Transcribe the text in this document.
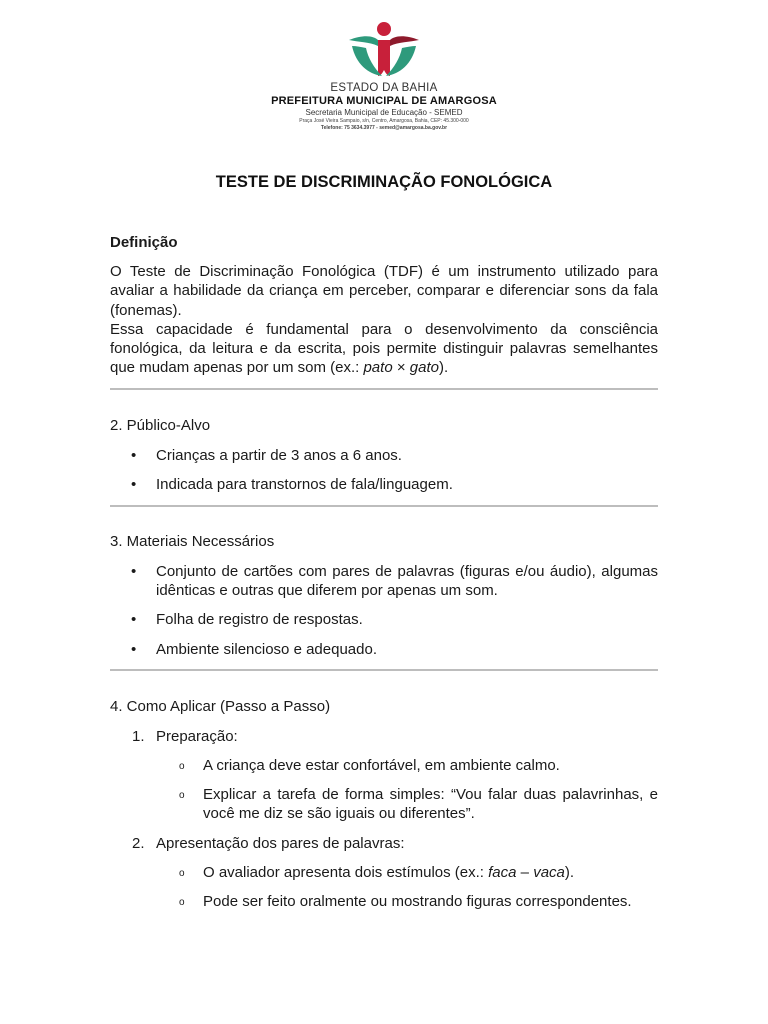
ESTADO DA BAHIA
PREFEITURA MUNICIPAL DE AMARGOSA
Secretaria Municipal de Educação - SEMED
Praça José Vieira Sampaio, s/n, Centro, Amargosa, Bahia, CEP: 45.300-000
Telefone: 75 3634.3977 - semed@amargosa.ba.gov.br
TESTE DE DISCRIMINAÇÃO FONOLÓGICA
Definição
O Teste de Discriminação Fonológica (TDF) é um instrumento utilizado para avaliar a habilidade da criança em perceber, comparar e diferenciar sons da fala (fonemas).
Essa capacidade é fundamental para o desenvolvimento da consciência fonológica, da leitura e da escrita, pois permite distinguir palavras semelhantes que mudam apenas por um som (ex.: pato × gato).
2. Público-Alvo
• Crianças a partir de 3 anos a 6 anos.
• Indicada para transtornos de fala/linguagem.
3. Materiais Necessários
• Conjunto de cartões com pares de palavras (figuras e/ou áudio), algumas idênticas e outras que diferem por apenas um som.
• Folha de registro de respostas.
• Ambiente silencioso e adequado.
4. Como Aplicar (Passo a Passo)
1. Preparação:
o A criança deve estar confortável, em ambiente calmo.
o Explicar a tarefa de forma simples: “Vou falar duas palavrinhas, e você me diz se são iguais ou diferentes”.
2. Apresentação dos pares de palavras:
o O avaliador apresenta dois estímulos (ex.: faca – vaca).
o Pode ser feito oralmente ou mostrando figuras correspondentes.
